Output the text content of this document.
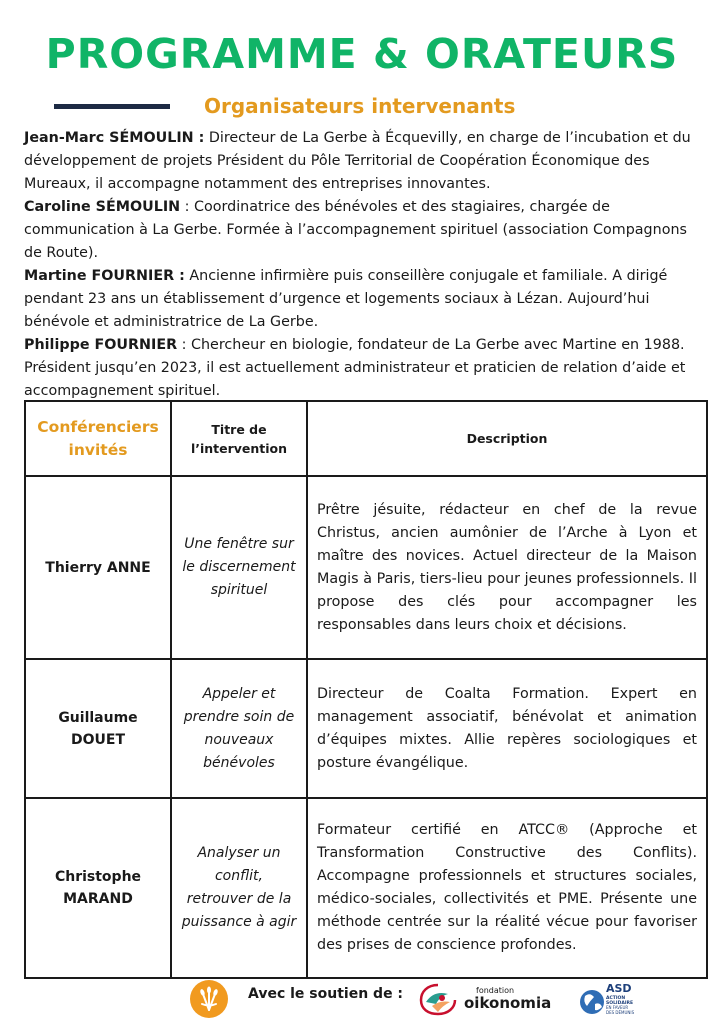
PROGRAMME & ORATEURS
Organisateurs intervenants

Jean-Marc SÉMOULIN : Directeur de La Gerbe à Écquevilly, en charge de l’incubation et du développement de projets Président du Pôle Territorial de Coopération Économique des Mureaux, il accompagne notamment des entreprises innovantes.

Caroline SÉMOULIN : Coordinatrice des bénévoles et des stagiaires, chargée de communication à La Gerbe. Formée à l’accompagnement spirituel (association Compagnons de Route).

Martine FOURNIER : Ancienne infirmière puis conseillère conjugale et familiale. A dirigé pendant 23 ans un établissement d’urgence et logements sociaux à Lézan. Aujourd’hui bénévole et administratrice de La Gerbe.

Philippe FOURNIER : Chercheur en biologie, fondateur de La Gerbe avec Martine en 1988. Président jusqu’en 2023, il est actuellement administrateur et praticien de relation d’aide et accompagnement spirituel.

Conférenciers invités	Titre de l’intervention	Description
Thierry ANNE	Une fenêtre sur le discernement spirituel	Prêtre jésuite, rédacteur en chef de la revue Christus, ancien aumônier de l’Arche à Lyon et maître des novices. Actuel directeur de la Maison Magis à Paris, tiers-lieu pour jeunes professionnels. Il propose des clés pour accompagner les responsables dans leurs choix et décisions.
Guillaume DOUET	Appeler et prendre soin de nouveaux bénévoles	Directeur de Coalta Formation. Expert en management associatif, bénévolat et animation d’équipes mixtes. Allie repères sociologiques et posture évangélique.
Christophe MARAND	Analyser un conflit, retrouver de la puissance à agir	Formateur certifié en ATCC® (Approche et Transformation Constructive des Conflits). Accompagne professionnels et structures sociales, médico-sociales, collectivités et PME. Présente une méthode centrée sur la réalité vécue pour favoriser des prises de conscience profondes.
Avec le soutien de :	fondation
oikonomia
ASD
ACTION
SOLIDAIRE
EN FAVEUR
DES DÉMUNIS
